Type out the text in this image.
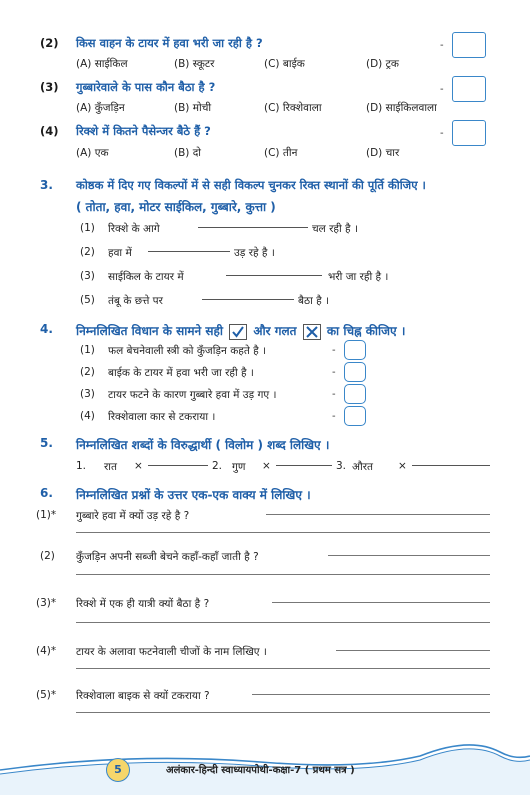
(2) किस वाहन के टायर में हवा भरी जा रही है ?	-
(A) साईकिल	(B) स्कूटर	(C) बाईक	(D) ट्रक
(3) गुब्बारेवाले के पास कौन बैठा है ?	-
(A) कुँजड़िन	(B) मोची	(C) रिक्शेवाला	(D) साईकिलवाला
(4) रिक्शे में कितने पैसेन्जर बैठे हैं ?	-
(A) एक	(B) दो	(C) तीन	(D) चार
3. कोष्ठक में दिए गए विकल्पों में से सही विकल्प चुनकर रिक्त स्थानों की पूर्ति कीजिए ।
( तोता, हवा, मोटर साईकिल, गुब्बारे, कुत्ता )
(1) रिक्शे के आगे	चल रही है ।
(2) हवा में	उड़ रहे है ।
(3) साईकिल के टायर में	भरी जा रही है ।
(5) तंबू के छत्ते पर	बैठा है ।
4. निम्नलिखित विधान के सामने सही	और गलत	का चिह्न कीजिए ।
(1) फल बेचनेवाली स्त्री को कुँजड़िन कहते है ।	-
(2) बाईक के टायर में हवा भरी जा रही है ।	-
(3) टायर फटने के कारण गुब्बारे हवा में उड़ गए ।	-
(4) रिक्शेवाला कार से टकराया ।	-
5. निम्नलिखित शब्दों के विरुद्धार्थी ( विलोम ) शब्द लिखिए ।
1. रात ×	2. गुण ×	3. औरत ×
6. निम्नलिखित प्रश्नों के उत्तर एक-एक वाक्य में लिखिए ।
(1)* गुब्बारे हवा में क्यों उड़ रहे है ?
(2) कुँजड़िन अपनी सब्जी बेचने कहाँ-कहाँ जाती है ?
(3)* रिक्शे में एक ही यात्री क्यों बैठा है ?
(4)* टायर के अलावा फटनेवाली चीजों के नाम लिखिए ।
(5)* रिक्शेवाला बाइक से क्यों टकराया ?
5	अलंकार-हिन्दी स्वाध्यायपोथी-कक्षा-7 ( प्रथम सत्र )
